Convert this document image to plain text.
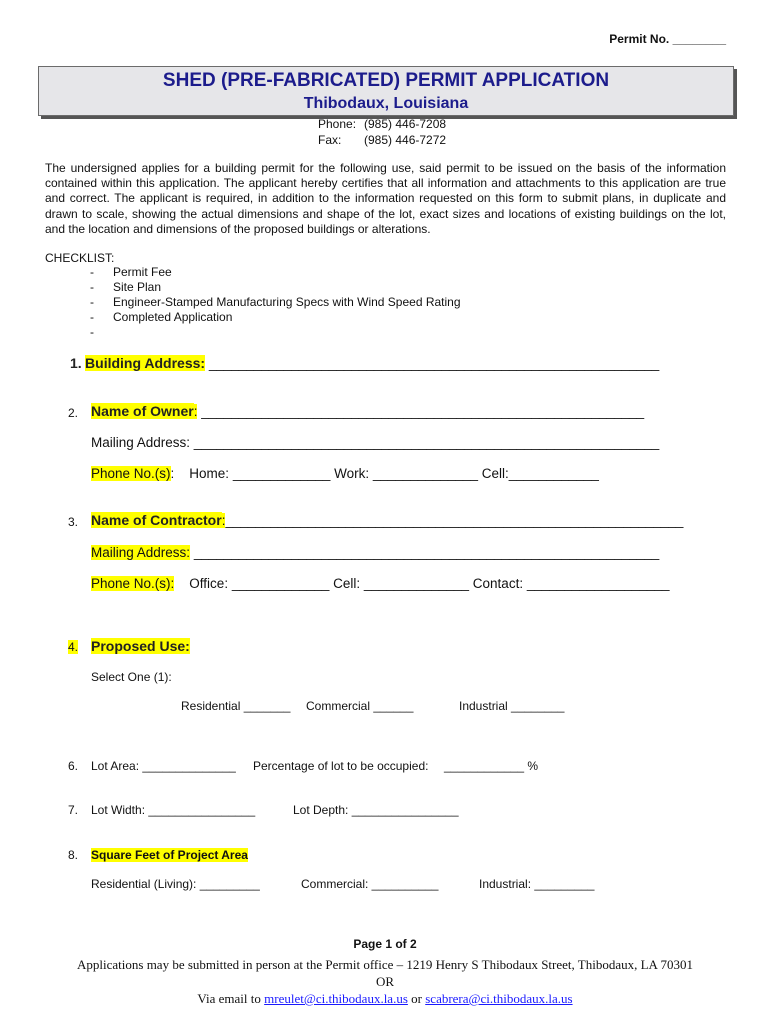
Permit No. ________
SHED (PRE-FABRICATED) PERMIT APPLICATION
Thibodaux, Louisiana
Phone: (985) 446-7208
Fax: (985) 446-7272
The undersigned applies for a building permit for the following use, said permit to be issued on the basis of the information contained within this application. The applicant hereby certifies that all information and attachments to this application are true and correct. The applicant is required, in addition to the information requested on this form to submit plans, in duplicate and drawn to scale, showing the actual dimensions and shape of the lot, exact sizes and locations of existing buildings on the lot, and the location and dimensions of the proposed buildings or alterations.
CHECKLIST:
- Permit Fee
- Site Plan
- Engineer-Stamped Manufacturing Specs with Wind Speed Rating
- Completed Application
-
1. Building Address: ____________________________________________________________
2. Name of Owner: ___________________________________________________________
Mailing Address: ______________________________________________________________
Phone No.(s):    Home: _____________ Work: ______________ Cell:____________
3. Name of Contractor:_____________________________________________________________
Mailing Address: ______________________________________________________________
Phone No.(s):    Office: _____________ Cell: ______________ Contact: ___________________
4. Proposed Use:
Select One (1):
Residential _______ Commercial ______	Industrial ________
6. Lot Area: ______________ Percentage of lot to be occupied: ____________ %
7. Lot Width: ________________	Lot Depth: ________________
8. Square Feet of Project Area
Residential (Living): _________	Commercial: __________	Industrial: _________
Page 1 of 2
Applications may be submitted in person at the Permit office – 1219 Henry S Thibodaux Street, Thibodaux, LA 70301
OR
Via email to mreulet@ci.thibodaux.la.us or scabrera@ci.thibodaux.la.us
